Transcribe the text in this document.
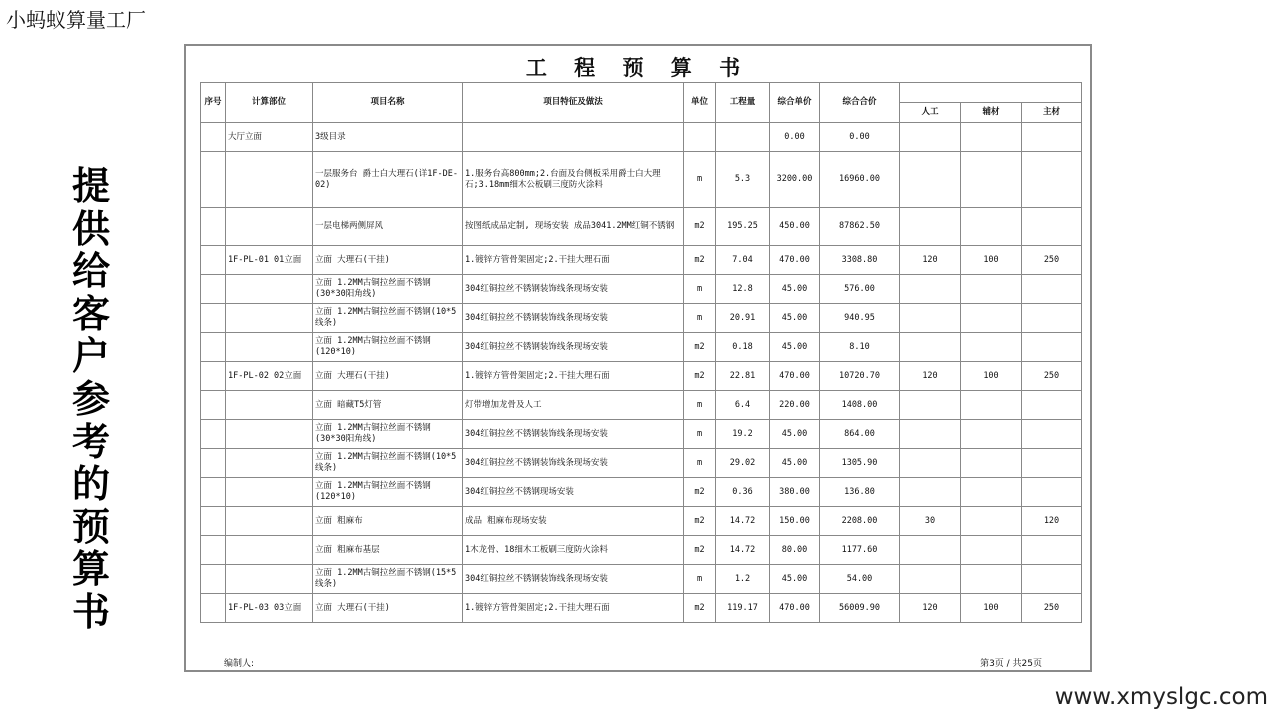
小蚂蚁算量工厂
提
供
给
客
户
参
考
的
预
算
书
工 程 预 算 书
序号	计算部位	项目名称	项目特征及做法	单位	工程量	综合单价	综合合价			
								人工	辅材	主材
	大厅立面	3级目录				0.00	0.00			
		一层服务台 爵士白大理石(详1F-DE-02)	1.服务台高800mm;2.台面及台侧板采用爵士白大理石;3.18mm细木公板刷三度防火涂料	m	5.3	3200.00	16960.00			
		一层电梯两侧屏风	按图纸成品定制, 现场安装 成品3041.2MM红铜不锈钢	m2	195.25	450.00	87862.50			
	1F-PL-01 01立面	立面 大理石(干挂)	1.镀锌方管骨架固定;2.干挂大理石面	m2	7.04	470.00	3308.80	120	100	250
		立面 1.2MM古铜拉丝面不锈钢(30*30阳角线)	304红铜拉丝不锈钢装饰线条现场安装	m	12.8	45.00	576.00			
		立面 1.2MM古铜拉丝面不锈钢(10*5线条)	304红铜拉丝不锈钢装饰线条现场安装	m	20.91	45.00	940.95			
		立面 1.2MM古铜拉丝面不锈钢(120*10)	304红铜拉丝不锈钢装饰线条现场安装	m2	0.18	45.00	8.10			
	1F-PL-02 02立面	立面 大理石(干挂)	1.镀锌方管骨架固定;2.干挂大理石面	m2	22.81	470.00	10720.70	120	100	250
		立面 暗藏T5灯管	灯带增加龙骨及人工	m	6.4	220.00	1408.00			
		立面 1.2MM古铜拉丝面不锈钢(30*30阳角线)	304红铜拉丝不锈钢装饰线条现场安装	m	19.2	45.00	864.00			
		立面 1.2MM古铜拉丝面不锈钢(10*5线条)	304红铜拉丝不锈钢装饰线条现场安装	m	29.02	45.00	1305.90			
		立面 1.2MM古铜拉丝面不锈钢(120*10)	304红铜拉丝不锈钢现场安装	m2	0.36	380.00	136.80			
		立面 粗麻布	成品 粗麻布现场安装	m2	14.72	150.00	2208.00	30		120
		立面 粗麻布基层	1木龙骨、18细木工板刷三度防火涂料	m2	14.72	80.00	1177.60			
		立面 1.2MM古铜拉丝面不锈钢(15*5线条)	304红铜拉丝不锈钢装饰线条现场安装	m	1.2	45.00	54.00			
	1F-PL-03 03立面	立面 大理石(干挂)	1.镀锌方管骨架固定;2.干挂大理石面	m2	119.17	470.00	56009.90	120	100	250
编制人:	第3页 / 共25页
www.xmyslgc.com
